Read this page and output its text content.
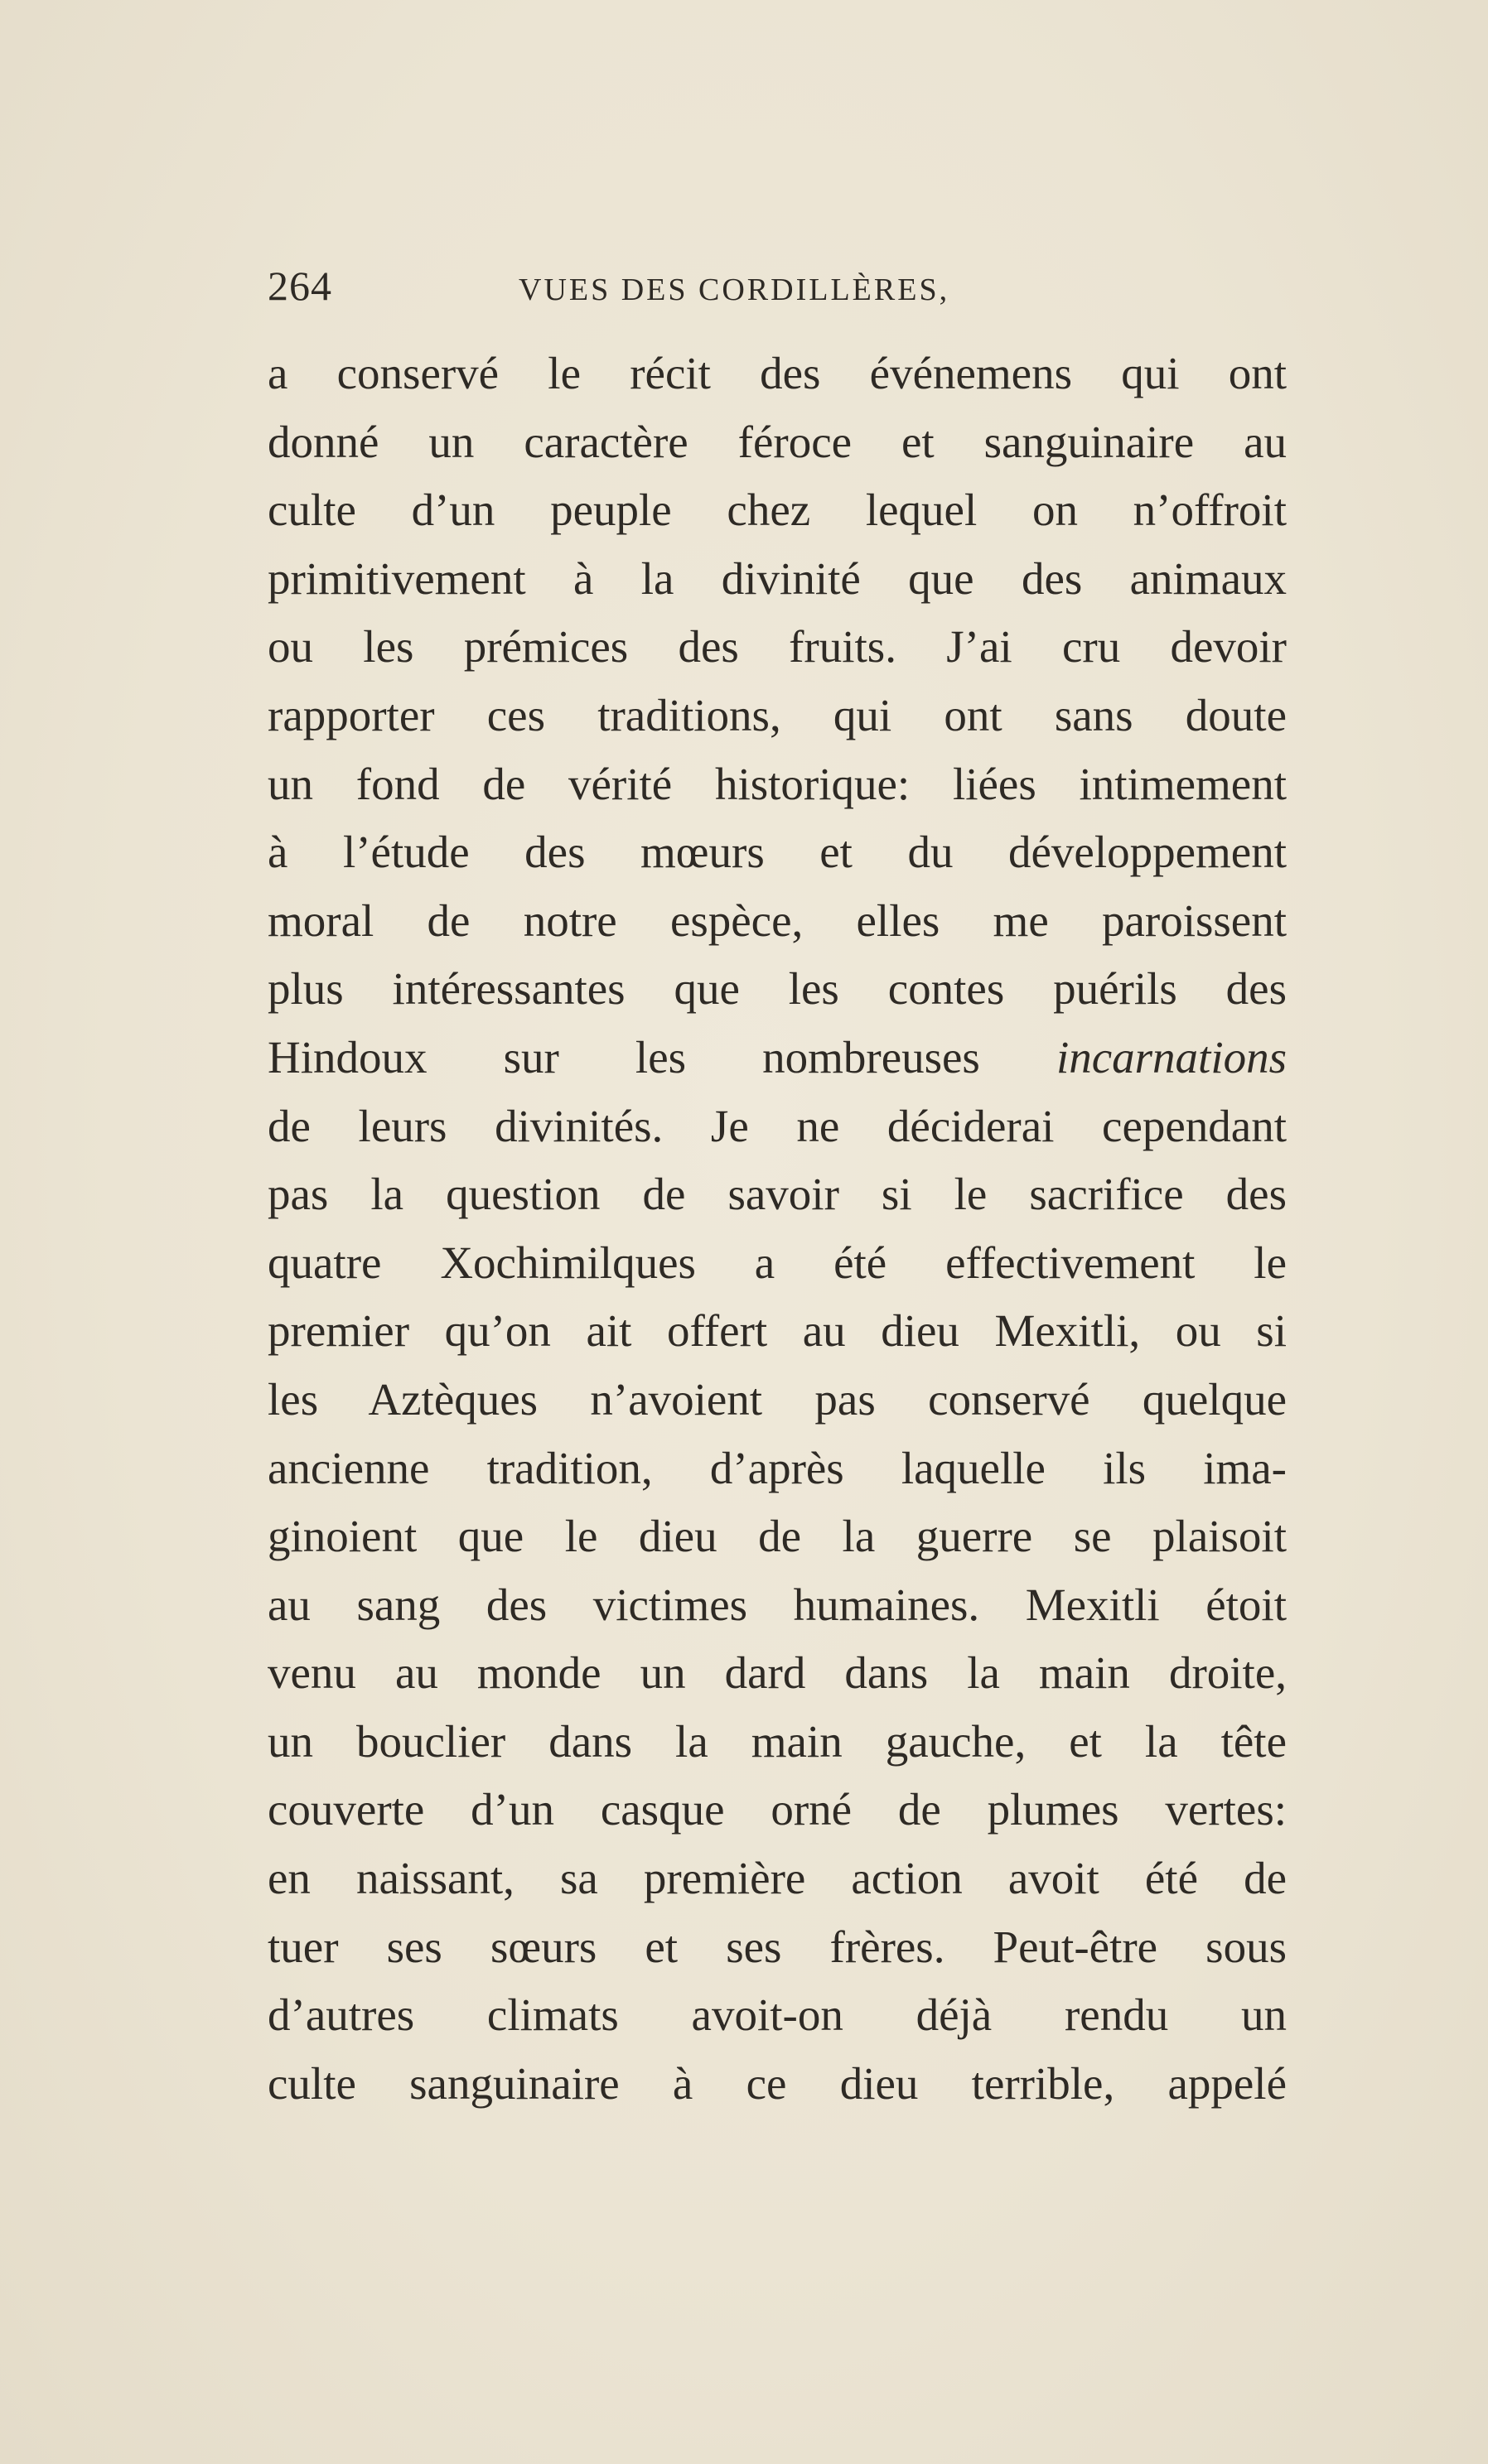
264	VUES DES CORDILLÈRES,
a conservé le récit des événemens qui ont
donné un caractère féroce et sanguinaire au
culte d’un peuple chez lequel on n’offroit
primitivement à la divinité que des animaux
ou les prémices des fruits. J’ai cru devoir
rapporter ces traditions, qui ont sans doute
un fond de vérité historique: liées intimement
à l’étude des mœurs et du développement
moral de notre espèce, elles me paroissent
plus intéressantes que les contes puérils des
Hindoux sur les nombreuses incarnations
de leurs divinités. Je ne déciderai cependant
pas la question de savoir si le sacrifice des
quatre Xochimilques a été effectivement le
premier qu’on ait offert au dieu Mexitli, ou si
les Aztèques n’avoient pas conservé quelque
ancienne tradition, d’après laquelle ils ima-
ginoient que le dieu de la guerre se plaisoit
au sang des victimes humaines. Mexitli étoit
venu au monde un dard dans la main droite,
un bouclier dans la main gauche, et la tête
couverte d’un casque orné de plumes vertes:
en naissant, sa première action avoit été de
tuer ses sœurs et ses frères. Peut-être sous
d’autres climats avoit-on déjà rendu un
culte sanguinaire à ce dieu terrible, appelé
